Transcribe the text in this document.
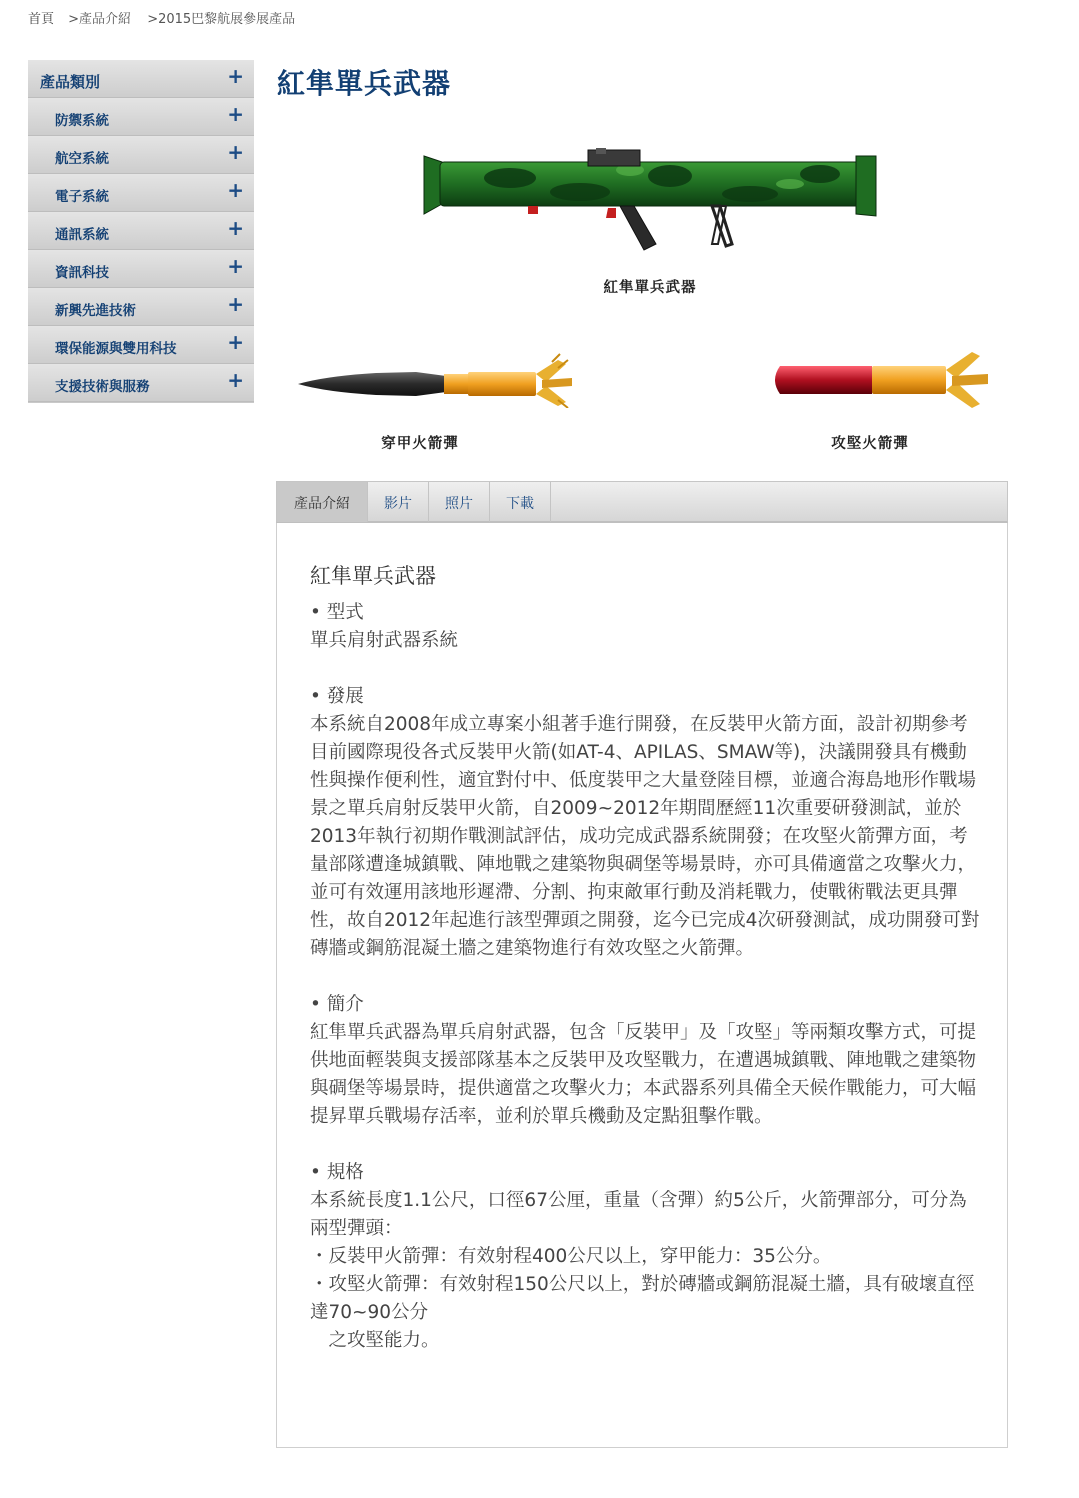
首頁 >產品介紹 >2015巴黎航展參展產品
產品類別	+
防禦系統	+
航空系統	+
電子系統	+
通訊系統	+
資訊科技	+
新興先進技術	+
環保能源與雙用科技	+
支援技術與服務	+
紅隼單兵武器
紅隼單兵武器
穿甲火箭彈	攻堅火箭彈
產品介紹	影片	照片	下載
紅隼單兵武器

• 型式

單兵肩射武器系統

• 發展

本系統自2008年成立專案小組著手進行開發，在反裝甲火箭方面，設計初期參考目前國際現役各式反裝甲火箭(如AT-4、APILAS、SMAW等)，決議開發具有機動性與操作便利性，適宜對付中、低度裝甲之大量登陸目標，並適合海島地形作戰場景之單兵肩射反裝甲火箭，自2009~2012年期間歷經11次重要研發測試，並於2013年執行初期作戰測試評估，成功完成武器系統開發；在攻堅火箭彈方面，考量部隊遭逢城鎮戰、陣地戰之建築物與碉堡等場景時，亦可具備適當之攻擊火力，並可有效運用該地形遲滯、分割、拘束敵軍行動及消耗戰力，使戰術戰法更具彈性，故自2012年起進行該型彈頭之開發，迄今已完成4次研發測試，成功開發可對磚牆或鋼筋混凝土牆之建築物進行有效攻堅之火箭彈。

• 簡介

紅隼單兵武器為單兵肩射武器，包含「反裝甲」及「攻堅」等兩類攻擊方式，可提供地面輕裝與支援部隊基本之反裝甲及攻堅戰力，在遭遇城鎮戰、陣地戰之建築物與碉堡等場景時，提供適當之攻擊火力；本武器系列具備全天候作戰能力，可大幅提昇單兵戰場存活率，並利於單兵機動及定點狙擊作戰。

• 規格

本系統長度1.1公尺，口徑67公厘，重量（含彈）約5公斤，火箭彈部分，可分為兩型彈頭：

・反裝甲火箭彈：有效射程400公尺以上，穿甲能力：35公分。

・攻堅火箭彈：有效射程150公尺以上，對於磚牆或鋼筋混凝土牆，具有破壞直徑達70~90公分

　之攻堅能力。
